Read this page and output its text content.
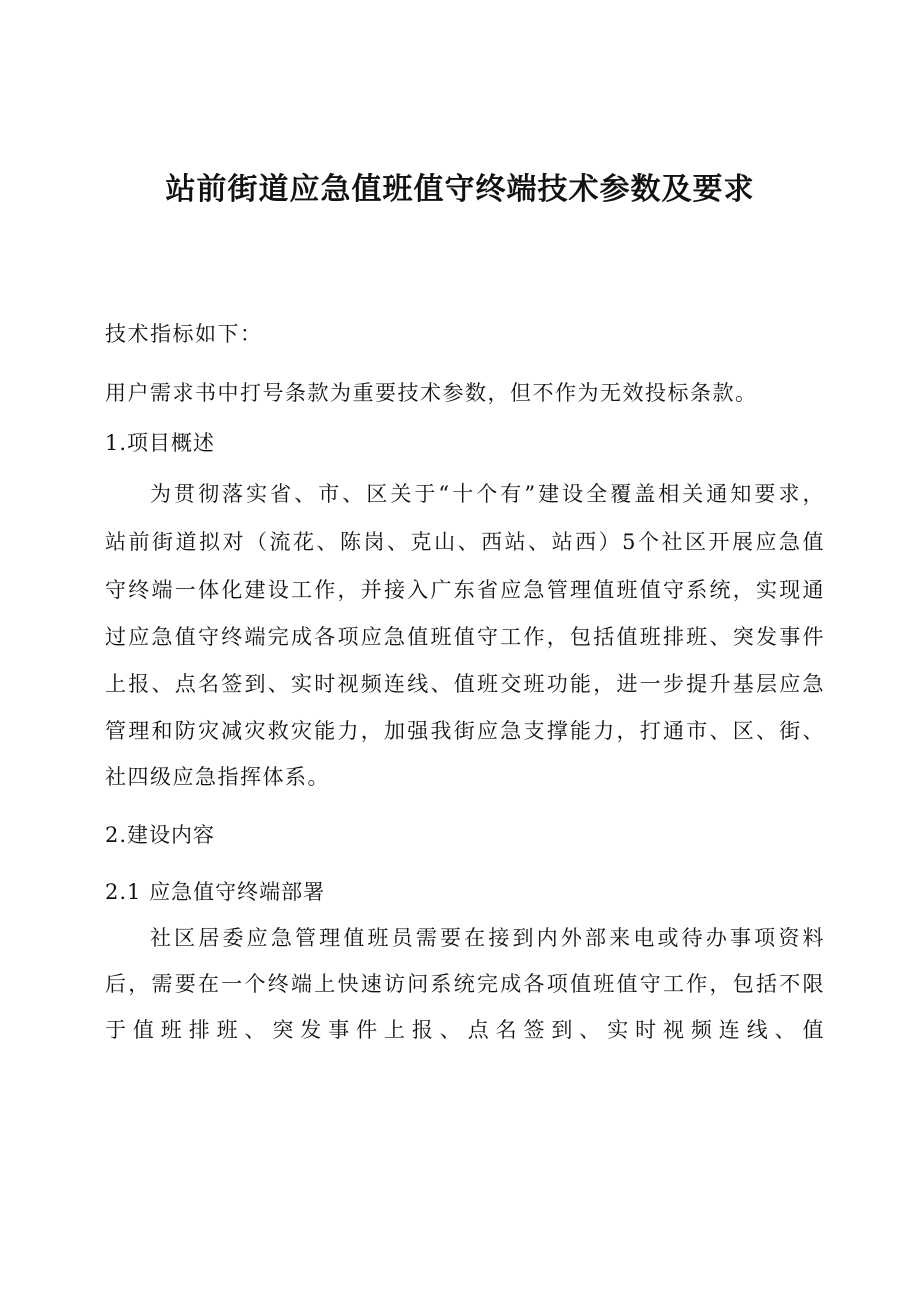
站前街道应急值班值守终端技术参数及要求
技术指标如下：
用户需求书中打号条款为重要技术参数，但不作为无效投标条款。
1.项目概述
为贯彻落实省、市、区关于“十个有”建设全覆盖相关通知要求，
站前街道拟对（流花、陈岗、克山、西站、站西）5个社区开展应急值
守终端一体化建设工作，并接入广东省应急管理值班值守系统，实现通
过应急值守终端完成各项应急值班值守工作，包括值班排班、突发事件
上报、点名签到、实时视频连线、值班交班功能，进一步提升基层应急
管理和防灾减灾救灾能力，加强我街应急支撑能力，打通市、区、街、
社四级应急指挥体系。
2.建设内容
2.1 应急值守终端部署
社区居委应急管理值班员需要在接到内外部来电或待办事项资料
后，需要在一个终端上快速访问系统完成各项值班值守工作，包括不限
于值班排班、突发事件上报、点名签到、实时视频连线、值
